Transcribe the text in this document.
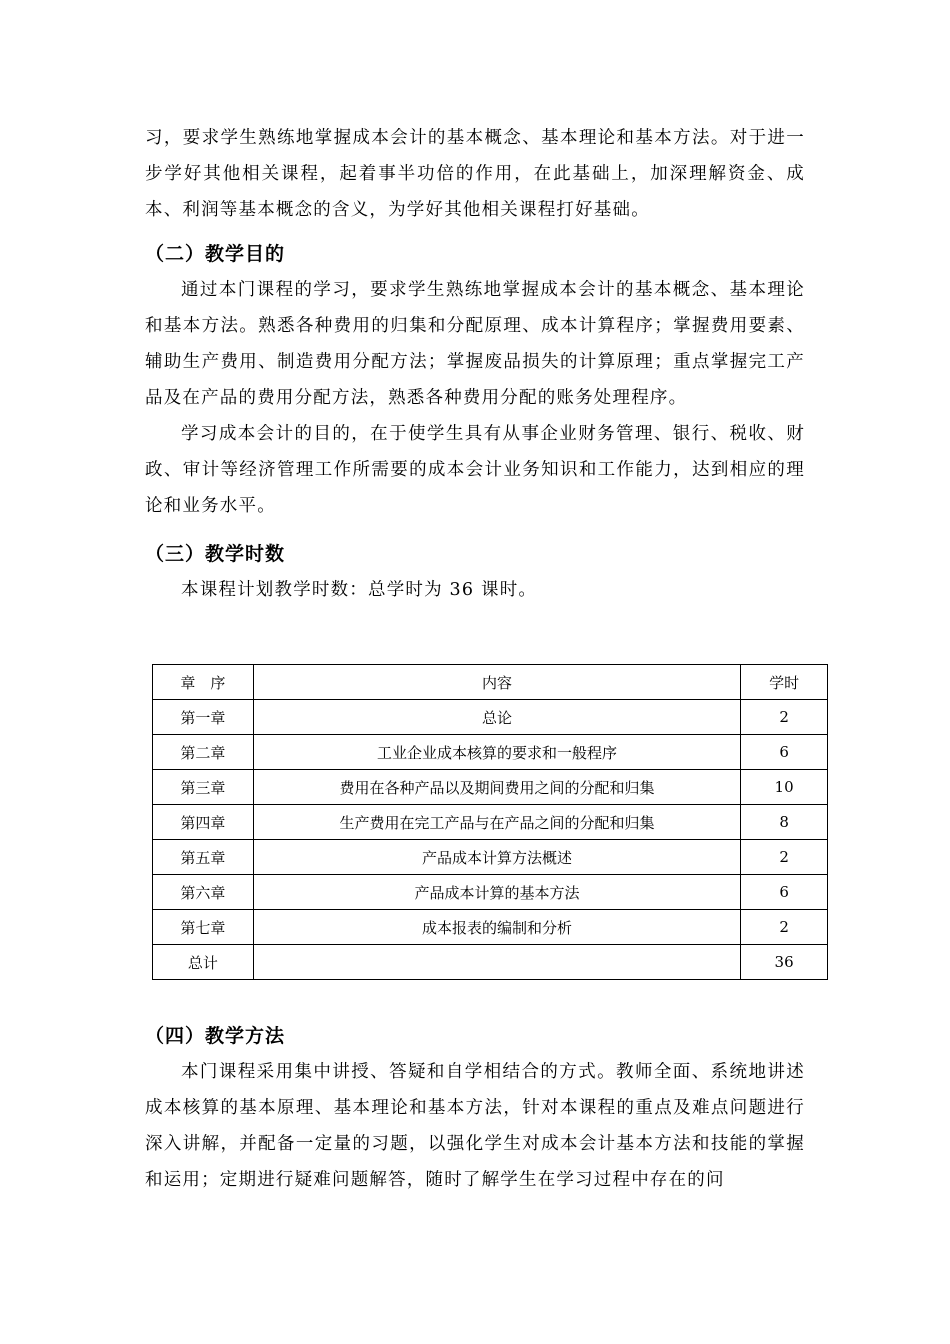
习，要求学生熟练地掌握成本会计的基本概念、基本理论和基本方法。对于进一步学好其他相关课程，起着事半功倍的作用，在此基础上，加深理解资金、成本、利润等基本概念的含义，为学好其他相关课程打好基础。

（二）教学目的

通过本门课程的学习，要求学生熟练地掌握成本会计的基本概念、基本理论和基本方法。熟悉各种费用的归集和分配原理、成本计算程序；掌握费用要素、辅助生产费用、制造费用分配方法；掌握废品损失的计算原理；重点掌握完工产品及在产品的费用分配方法，熟悉各种费用分配的账务处理程序。

学习成本会计的目的，在于使学生具有从事企业财务管理、银行、税收、财政、审计等经济管理工作所需要的成本会计业务知识和工作能力，达到相应的理论和业务水平。

（三）教学时数

本课程计划教学时数：总学时为 36 课时。

章　序	内容	学时
第一章	总论	2
第二章	工业企业成本核算的要求和一般程序	6
第三章	费用在各种产品以及期间费用之间的分配和归集	10
第四章	生产费用在完工产品与在产品之间的分配和归集	8
第五章	产品成本计算方法概述	2
第六章	产品成本计算的基本方法	6
第七章	成本报表的编制和分析	2
总计		36
（四）教学方法

本门课程采用集中讲授、答疑和自学相结合的方式。教师全面、系统地讲述成本核算的基本原理、基本理论和基本方法，针对本课程的重点及难点问题进行深入讲解，并配备一定量的习题，以强化学生对成本会计基本方法和技能的掌握和运用；定期进行疑难问题解答，随时了解学生在学习过程中存在的问
